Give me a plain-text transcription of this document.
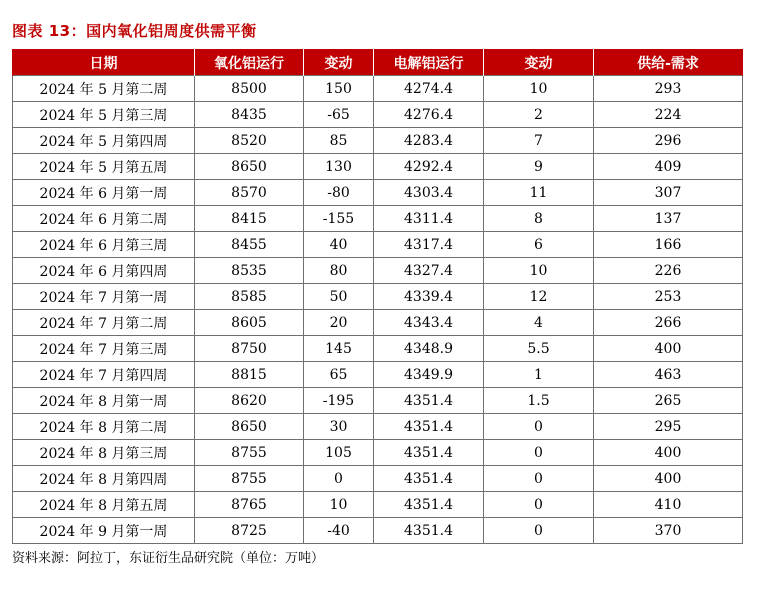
图表 13：国内氧化铝周度供需平衡
日期	氧化铝运行	变动	电解铝运行	变动	供给-需求
2024 年 5 月第二周	8500	150	4274.4	10	293
2024 年 5 月第三周	8435	-65	4276.4	2	224
2024 年 5 月第四周	8520	85	4283.4	7	296
2024 年 5 月第五周	8650	130	4292.4	9	409
2024 年 6 月第一周	8570	-80	4303.4	11	307
2024 年 6 月第二周	8415	-155	4311.4	8	137
2024 年 6 月第三周	8455	40	4317.4	6	166
2024 年 6 月第四周	8535	80	4327.4	10	226
2024 年 7 月第一周	8585	50	4339.4	12	253
2024 年 7 月第二周	8605	20	4343.4	4	266
2024 年 7 月第三周	8750	145	4348.9	5.5	400
2024 年 7 月第四周	8815	65	4349.9	1	463
2024 年 8 月第一周	8620	-195	4351.4	1.5	265
2024 年 8 月第二周	8650	30	4351.4	0	295
2024 年 8 月第三周	8755	105	4351.4	0	400
2024 年 8 月第四周	8755	0	4351.4	0	400
2024 年 8 月第五周	8765	10	4351.4	0	410
2024 年 9 月第一周	8725	-40	4351.4	0	370
资料来源：阿拉丁，东证衍生品研究院（单位：万吨）
